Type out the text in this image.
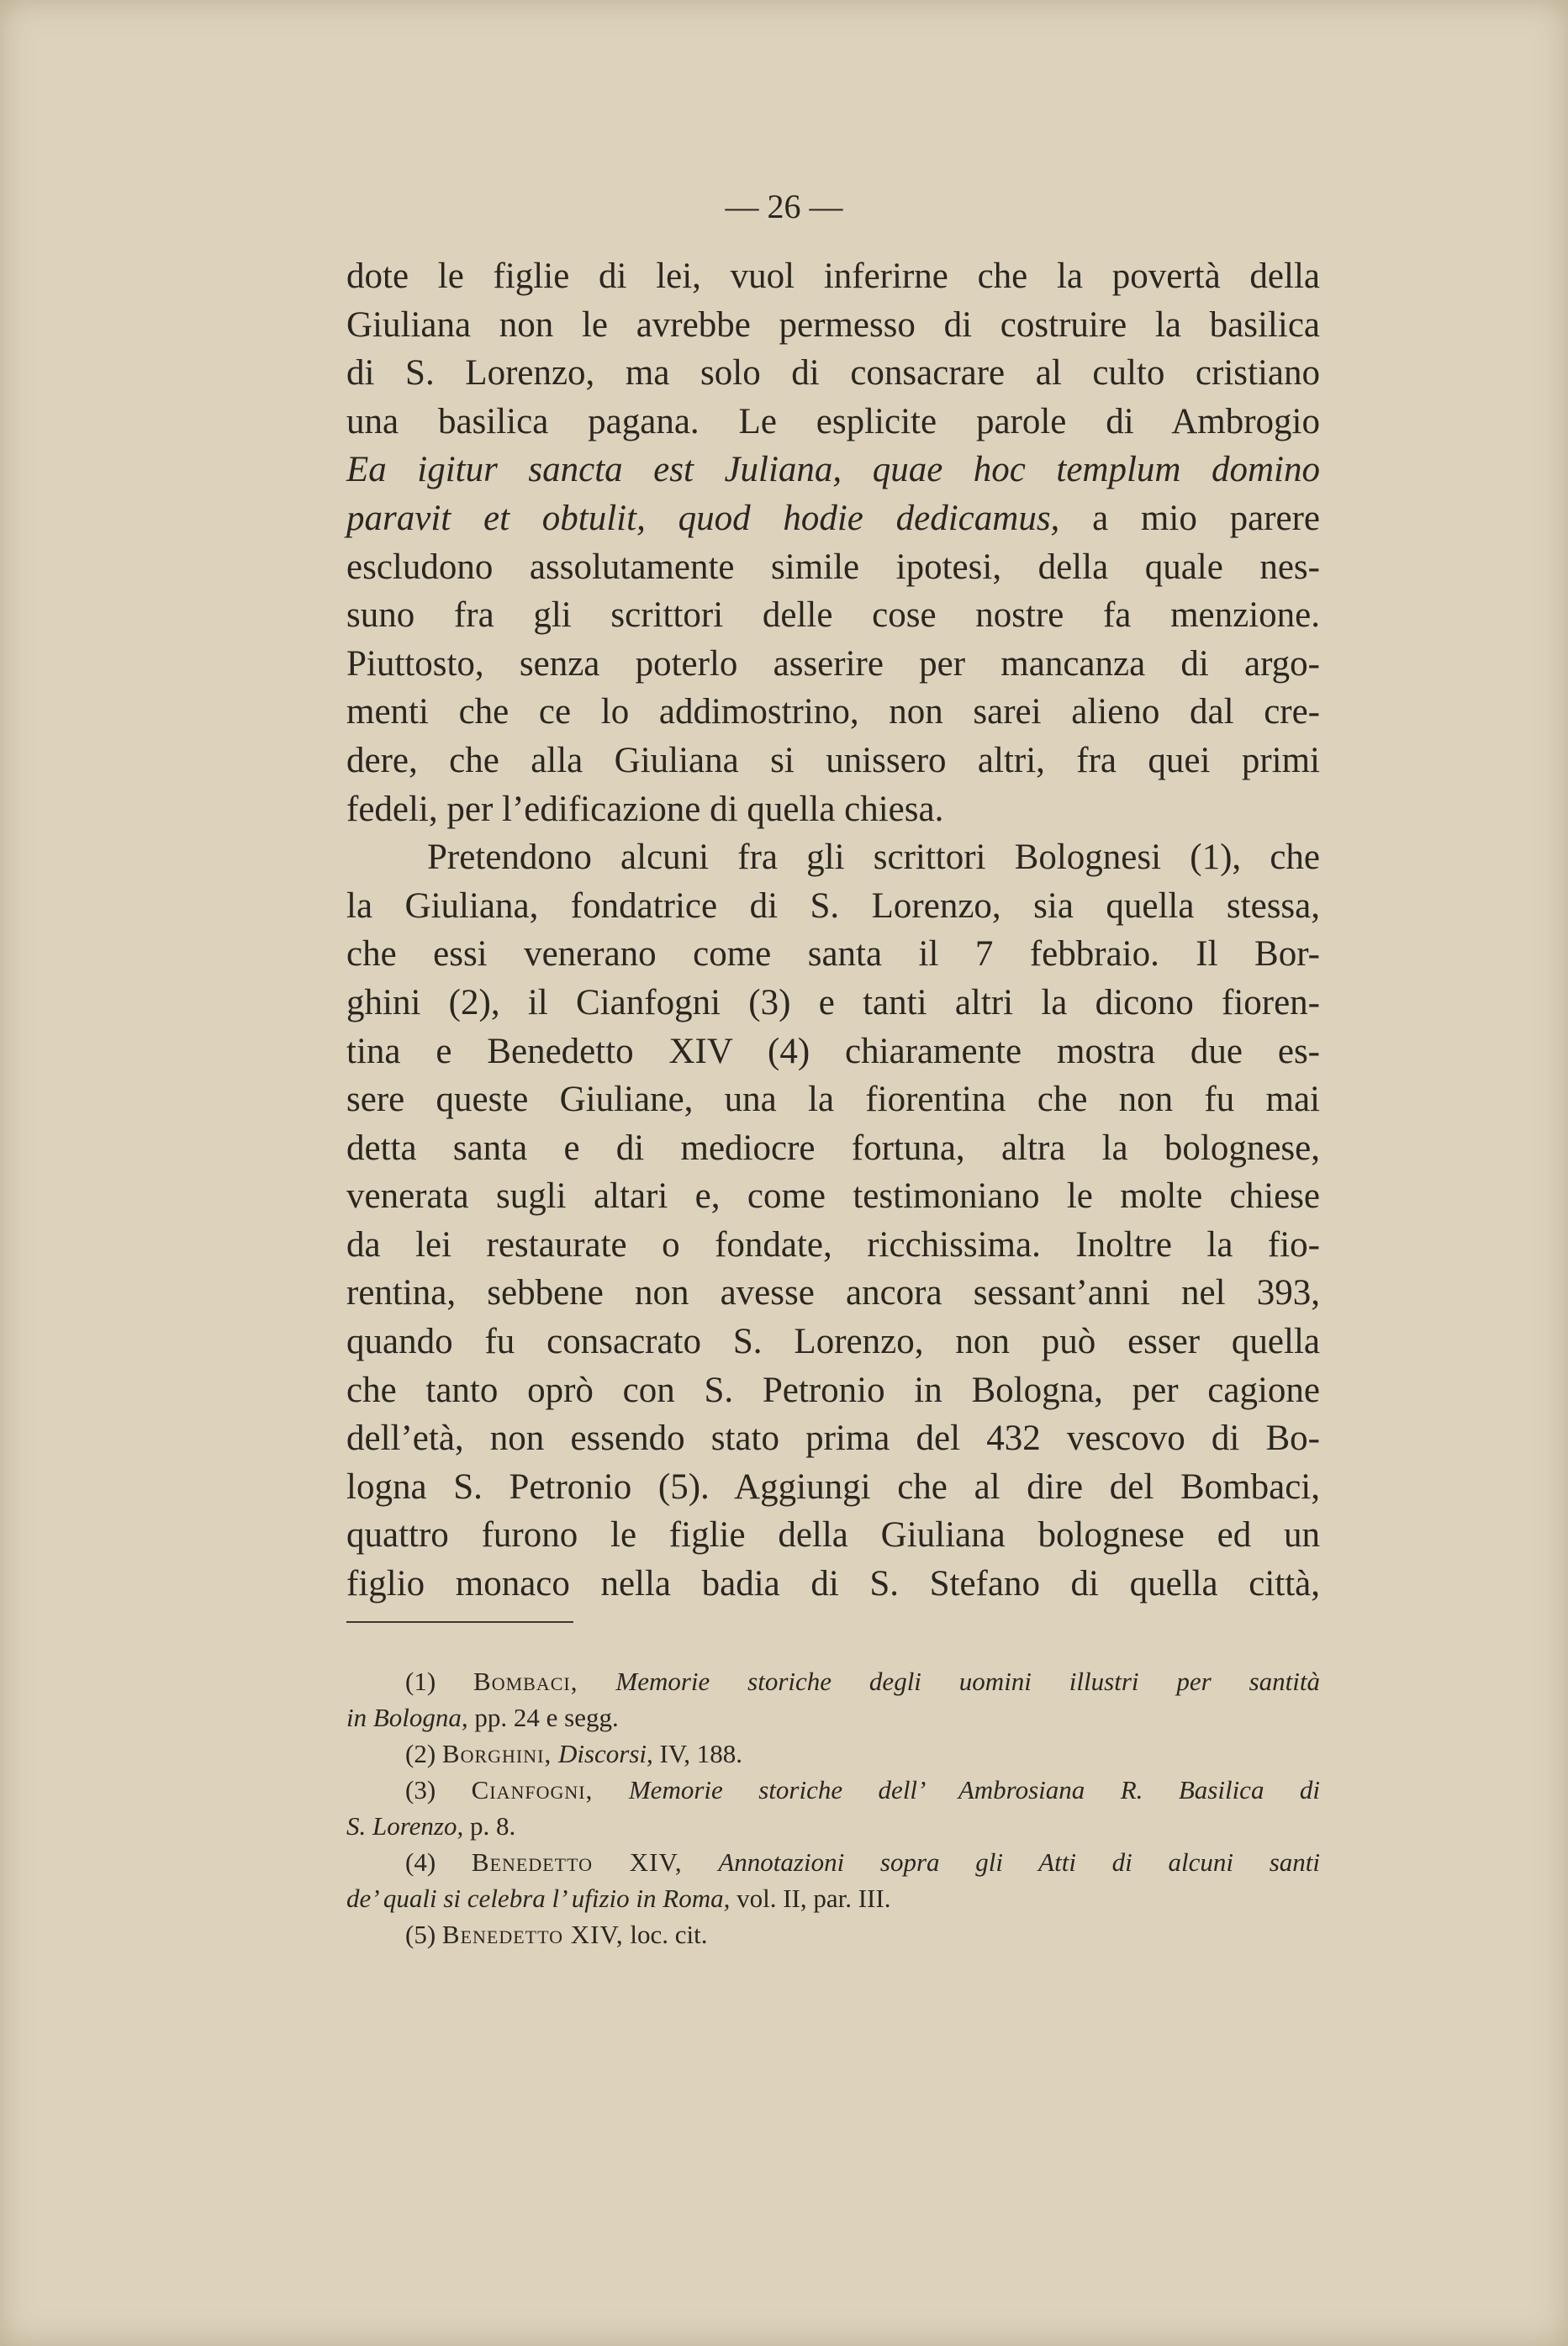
— 26 —
dote le figlie di lei, vuol inferirne che la povertà della
Giuliana non le avrebbe permesso di costruire la basilica
di S. Lorenzo, ma solo di consacrare al culto cristiano
una basilica pagana. Le esplicite parole di Ambrogio
Ea igitur sancta est Juliana, quae hoc templum domino
paravit et obtulit, quod hodie dedicamus, a mio parere
escludono assolutamente simile ipotesi, della quale nes-
suno fra gli scrittori delle cose nostre fa menzione.
Piuttosto, senza poterlo asserire per mancanza di argo-
menti che ce lo addimostrino, non sarei alieno dal cre-
dere, che alla Giuliana si unissero altri, fra quei primi
fedeli, per l’edificazione di quella chiesa.
Pretendono alcuni fra gli scrittori Bolognesi (1), che
la Giuliana, fondatrice di S. Lorenzo, sia quella stessa,
che essi venerano come santa il 7 febbraio. Il Bor-
ghini (2), il Cianfogni (3) e tanti altri la dicono fioren-
tina e Benedetto XIV (4) chiaramente mostra due es-
sere queste Giuliane, una la fiorentina che non fu mai
detta santa e di mediocre fortuna, altra la bolognese,
venerata sugli altari e, come testimoniano le molte chiese
da lei restaurate o fondate, ricchissima. Inoltre la fio-
rentina, sebbene non avesse ancora sessant’anni nel 393,
quando fu consacrato S. Lorenzo, non può esser quella
che tanto oprò con S. Petronio in Bologna, per cagione
dell’età, non essendo stato prima del 432 vescovo di Bo-
logna S. Petronio (5). Aggiungi che al dire del Bombaci,
quattro furono le figlie della Giuliana bolognese ed un
figlio monaco nella badia di S. Stefano di quella città,
(1) Bombaci, Memorie storiche degli uomini illustri per santità
in Bologna, pp. 24 e segg.
(2) Borghini, Discorsi, IV, 188.
(3) Cianfogni, Memorie storiche dell’ Ambrosiana R. Basilica di
S. Lorenzo, p. 8.
(4) Benedetto XIV, Annotazioni sopra gli Atti di alcuni santi
de’ quali si celebra l’ ufizio in Roma, vol. II, par. III.
(5) Benedetto XIV, loc. cit.
